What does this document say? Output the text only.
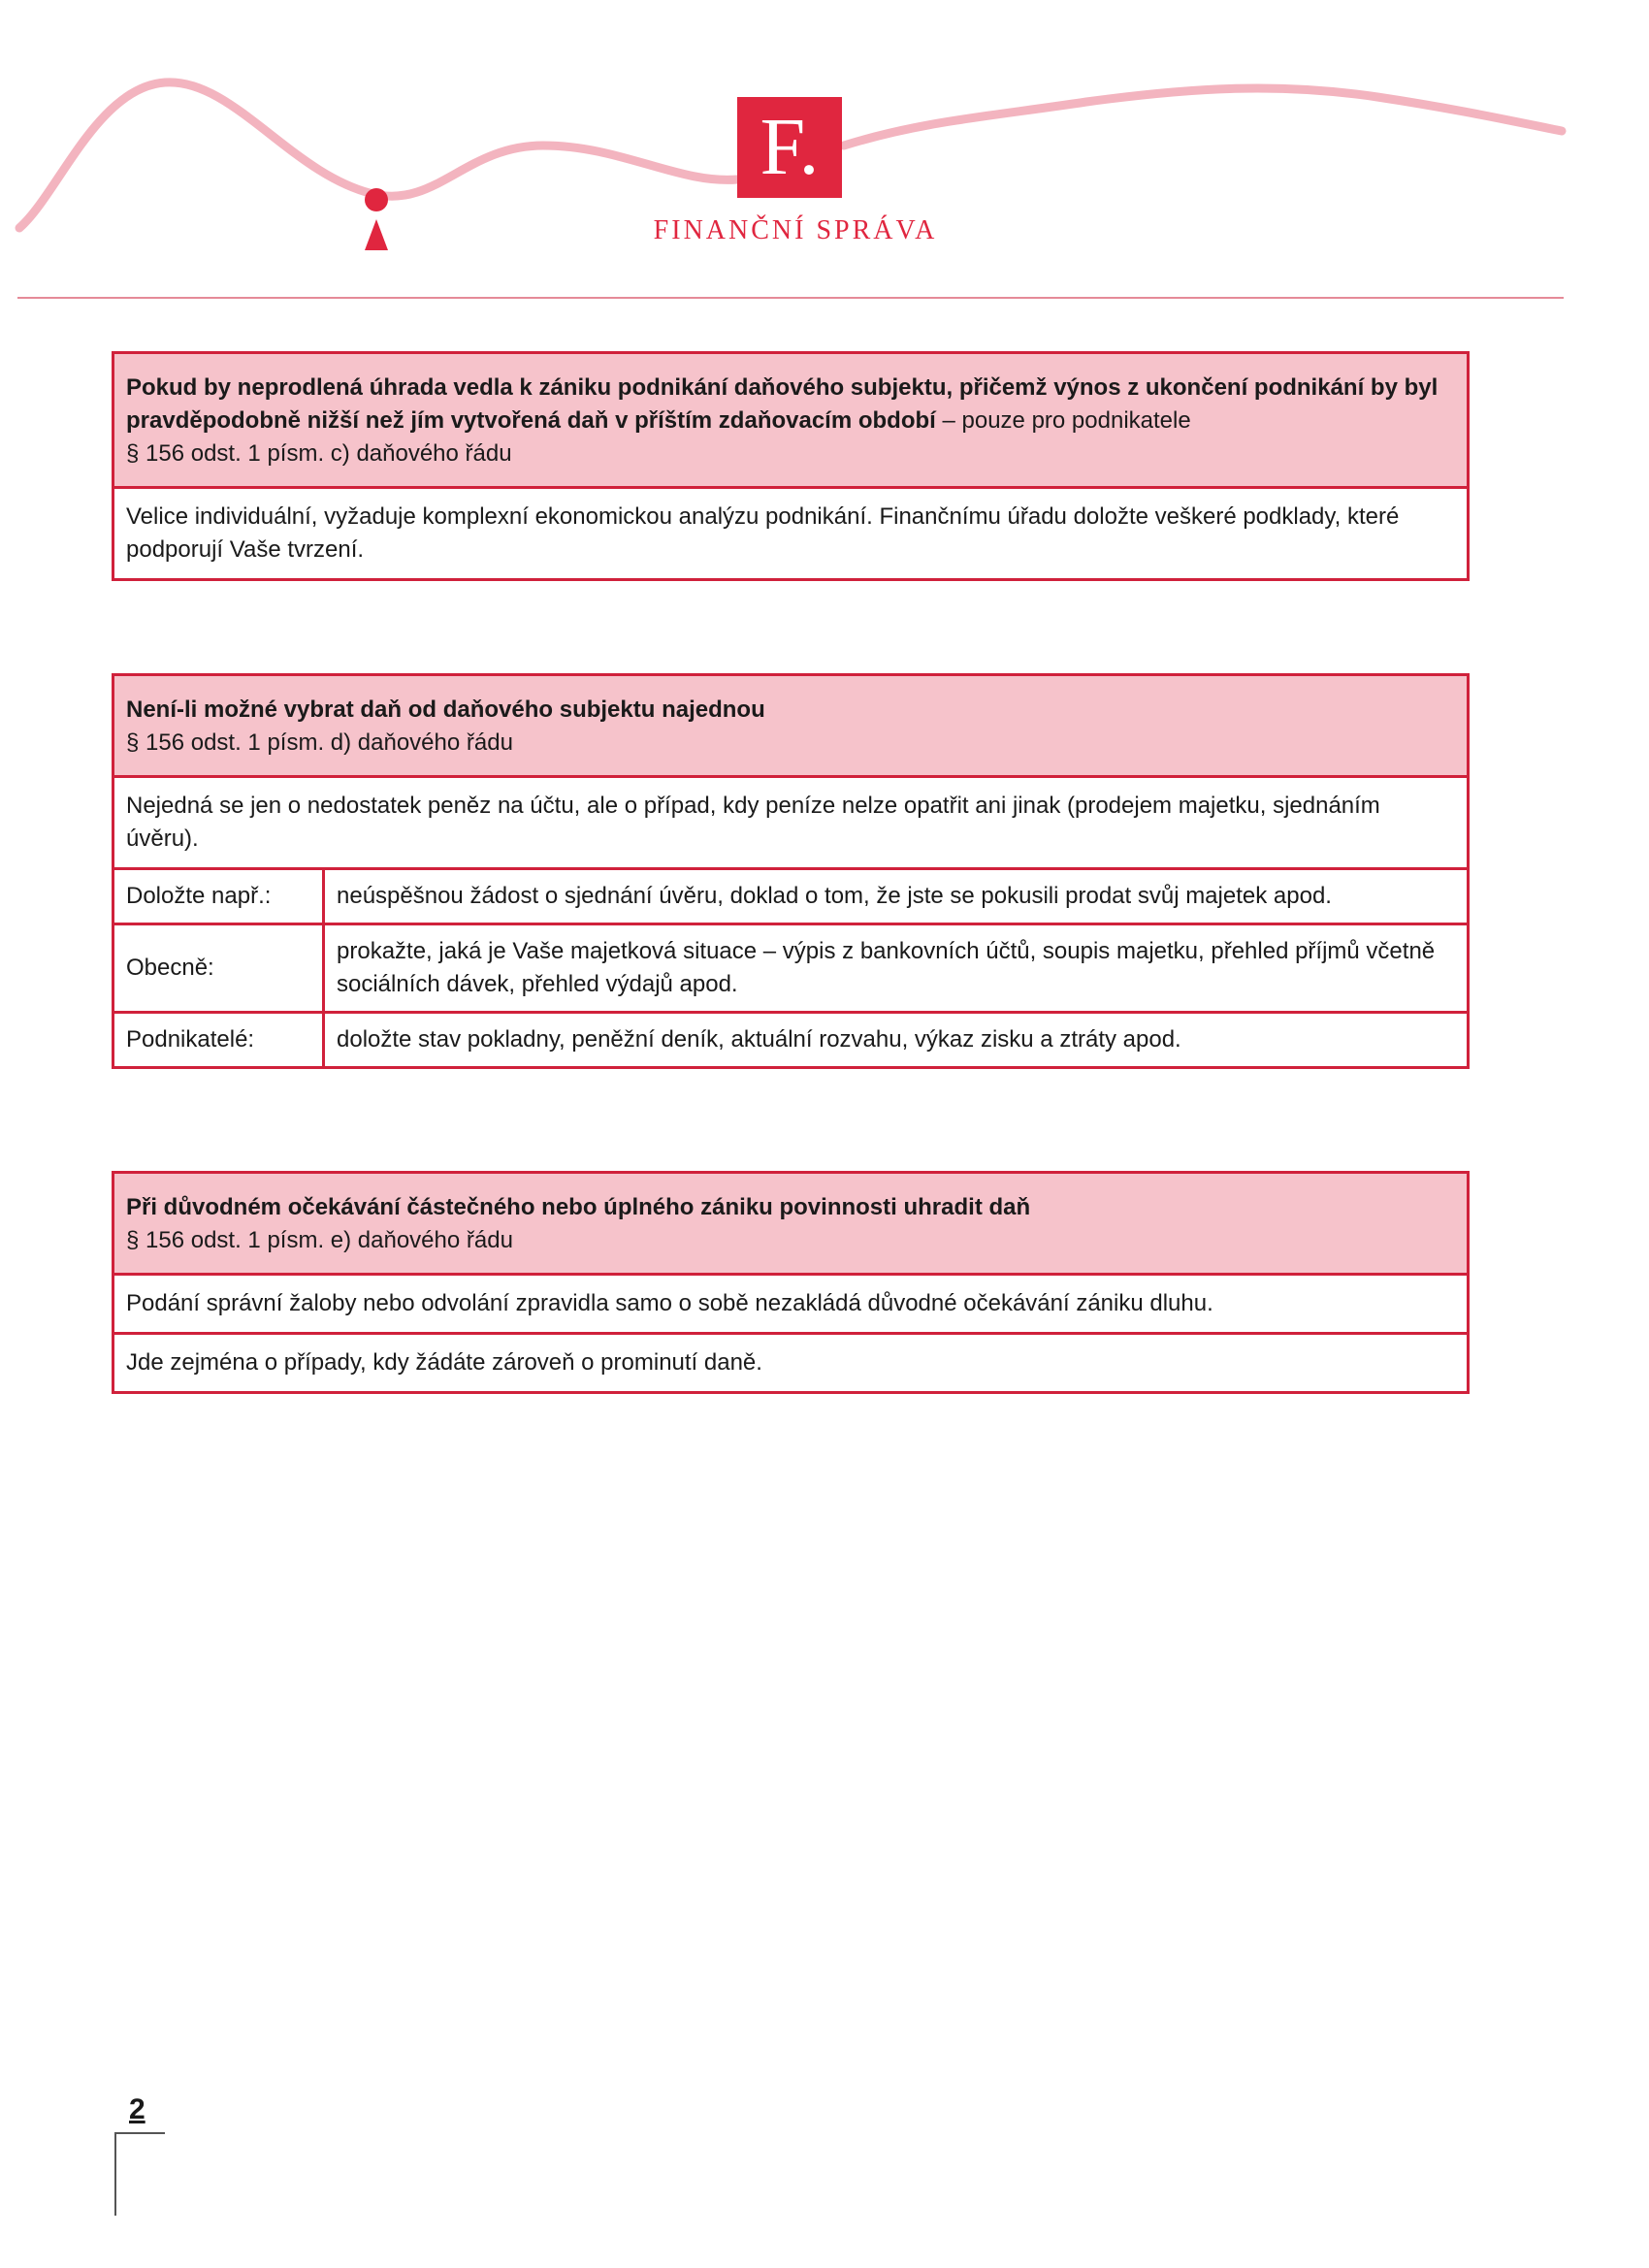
F.
FINANČNÍ SPRÁVA
Pokud by neprodlená úhrada vedla k zániku podnikání daňového subjektu, přičemž výnos z ukončení podnikání by byl pravděpodobně nižší než jím vytvořená daň v příštím zdaňovacím období – pouze pro podnikatele
§ 156 odst. 1 písm. c) daňového řádu
Velice individuální, vyžaduje komplexní ekonomickou analýzu podnikání. Finančnímu úřadu doložte veškeré podklady, které podporují Vaše tvrzení.
Není-li možné vybrat daň od daňového subjektu najednou
§ 156 odst. 1 písm. d) daňového řádu
Nejedná se jen o nedostatek peněz na účtu, ale o případ, kdy peníze nelze opatřit ani jinak (prodejem majetku, sjednáním úvěru).
Doložte např.:	neúspěšnou žádost o sjednání úvěru, doklad o tom, že jste se pokusili prodat svůj majetek apod.
Obecně:	prokažte, jaká je Vaše majetková situace – výpis z bankovních účtů, soupis majetku, přehled příjmů včetně sociálních dávek, přehled výdajů apod.
Podnikatelé:	doložte stav pokladny, peněžní deník, aktuální rozvahu, výkaz zisku a ztráty apod.
Při důvodném očekávání částečného nebo úplného zániku povinnosti uhradit daň
§ 156 odst. 1 písm. e) daňového řádu
Podání správní žaloby nebo odvolání zpravidla samo o sobě nezakládá důvodné očekávání zániku dluhu.
Jde zejména o případy, kdy žádáte zároveň o prominutí daně.
2
